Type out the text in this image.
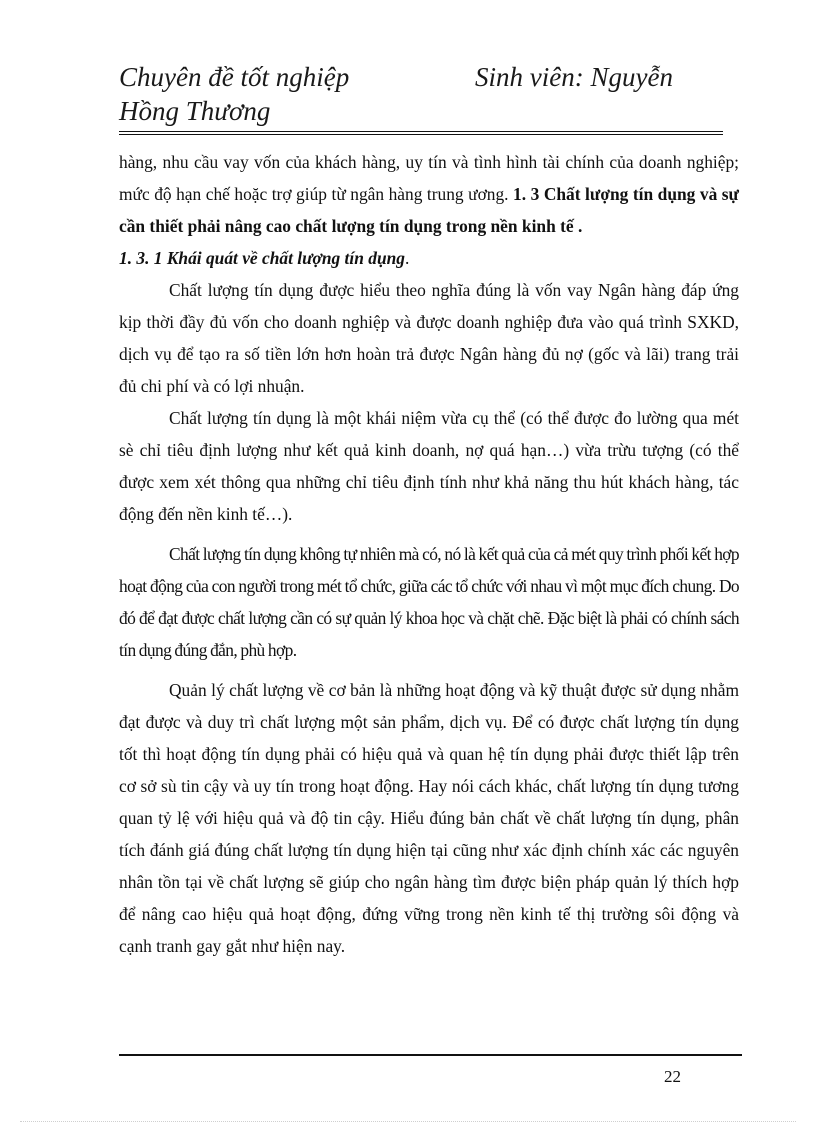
Chuyên đề tốt nghiệp	Sinh viên: Nguyễn
Hồng Thương

hàng, nhu cầu vay vốn của khách hàng, uy tín và tình hình tài chính của doanh nghiệp; mức độ hạn chế hoặc trợ giúp từ ngân hàng trung ương. 1. 3 Chất lượng tín dụng và sự cần thiết phải nâng cao chất lượng tín dụng trong nền kinh tế .

1. 3. 1 Khái quát về chất lượng tín dụng.

Chất lượng tín dụng được hiểu theo nghĩa đúng là vốn vay Ngân hàng đáp ứng kịp thời đầy đủ vốn cho doanh nghiệp và được doanh nghiệp đưa vào quá trình SXKD, dịch vụ để tạo ra số tiền lớn hơn hoàn trả được Ngân hàng đủ nợ (gốc và lãi) trang trải đủ chi phí và có lợi nhuận.

Chất lượng tín dụng là một khái niệm vừa cụ thể (có thể được đo lường qua mét sè chỉ tiêu định lượng như kết quả kinh doanh, nợ quá hạn…) vừa trừu tượng (có thể được xem xét thông qua những chỉ tiêu định tính như khả năng thu hút khách hàng, tác động đến nền kinh tế…).

Chất lượng tín dụng không tự nhiên mà có, nó là kết quả của cả mét quy trình phối kết hợp hoạt động của con người trong mét tổ chức, giữa các tổ chức với nhau vì một mục đích chung. Do đó để đạt được chất lượng cần có sự quản lý khoa học và chặt chẽ. Đặc biệt là phải có chính sách tín dụng đúng đắn, phù hợp.

Quản lý chất lượng về cơ bản là những hoạt động và kỹ thuật được sử dụng nhằm đạt được và duy trì chất lượng một sản phẩm, dịch vụ. Để có được chất lượng tín dụng tốt thì hoạt động tín dụng phải có hiệu quả và quan hệ tín dụng phải được thiết lập trên cơ sở sù tin cậy và uy tín trong hoạt động. Hay nói cách khác, chất lượng tín dụng tương quan tỷ lệ với hiệu quả và độ tin cậy. Hiểu đúng bản chất về chất lượng tín dụng, phân tích đánh giá đúng chất lượng tín dụng hiện tại cũng như xác định chính xác các nguyên nhân tồn tại về chất lượng sẽ giúp cho ngân hàng tìm được biện pháp quản lý thích hợp để nâng cao hiệu quả hoạt động, đứng vững trong nền kinh tế thị trường sôi động và cạnh tranh gay gắt như hiện nay.

22
